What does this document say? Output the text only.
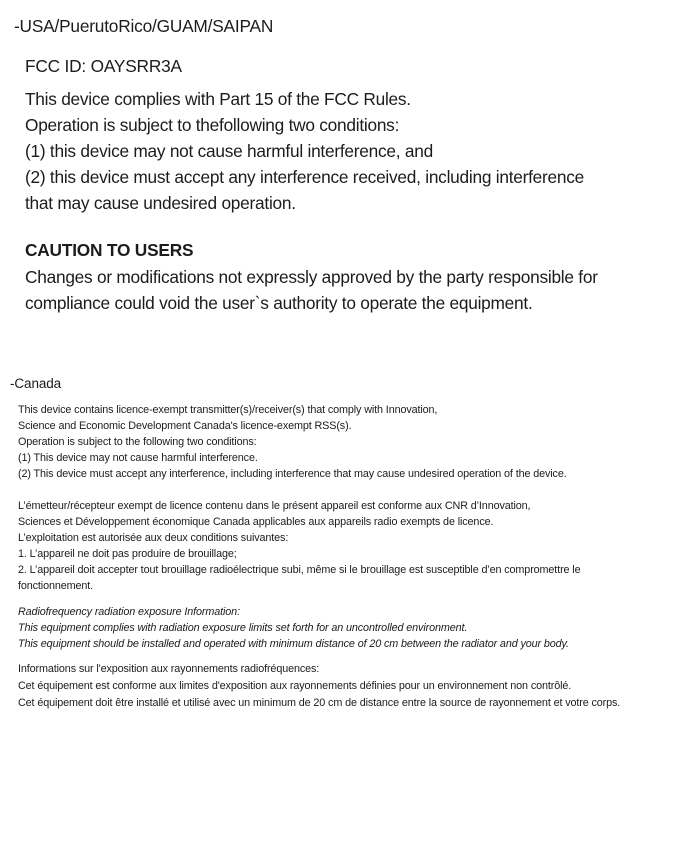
-USA/PuerutoRico/GUAM/SAIPAN
FCC ID: OAYSRR3A
This device complies with Part 15 of the FCC Rules.
Operation is subject to thefollowing two conditions:
(1) this device may not cause harmful interference, and
(2) this device must accept any interference received, including interference
that may cause undesired operation.
CAUTION TO USERS
Changes or modifications not expressly approved by the party responsible for
compliance could void the user`s authority to operate the equipment.
-Canada
This device contains licence-exempt transmitter(s)/receiver(s) that comply with Innovation,
Science and Economic Development Canada's licence-exempt RSS(s).
Operation is subject to the following two conditions:
(1) This device may not cause harmful interference.
(2) This device must accept any interference, including interference that may cause undesired operation of the device.
L’émetteur/récepteur exempt de licence contenu dans le présent appareil est conforme aux CNR d’Innovation,
Sciences et Développement économique Canada applicables aux appareils radio exempts de licence.
L’exploitation est autorisée aux deux conditions suivantes:
1. L’appareil ne doit pas produire de brouillage;
2. L’appareil doit accepter tout brouillage radioélectrique subi, même si le brouillage est susceptible d’en compromettre le
fonctionnement.
Radiofrequency radiation exposure Information:
This equipment complies with radiation exposure limits set forth for an uncontrolled environment.
This equipment should be installed and operated with minimum distance of 20 cm between the radiator and your body.
Informations sur l'exposition aux rayonnements radiofréquences:
Cet équipement est conforme aux limites d'exposition aux rayonnements définies pour un environnement non contrôlé.
Cet équipement doit être installé et utilisé avec un minimum de 20 cm de distance entre la source de rayonnement et votre corps.
